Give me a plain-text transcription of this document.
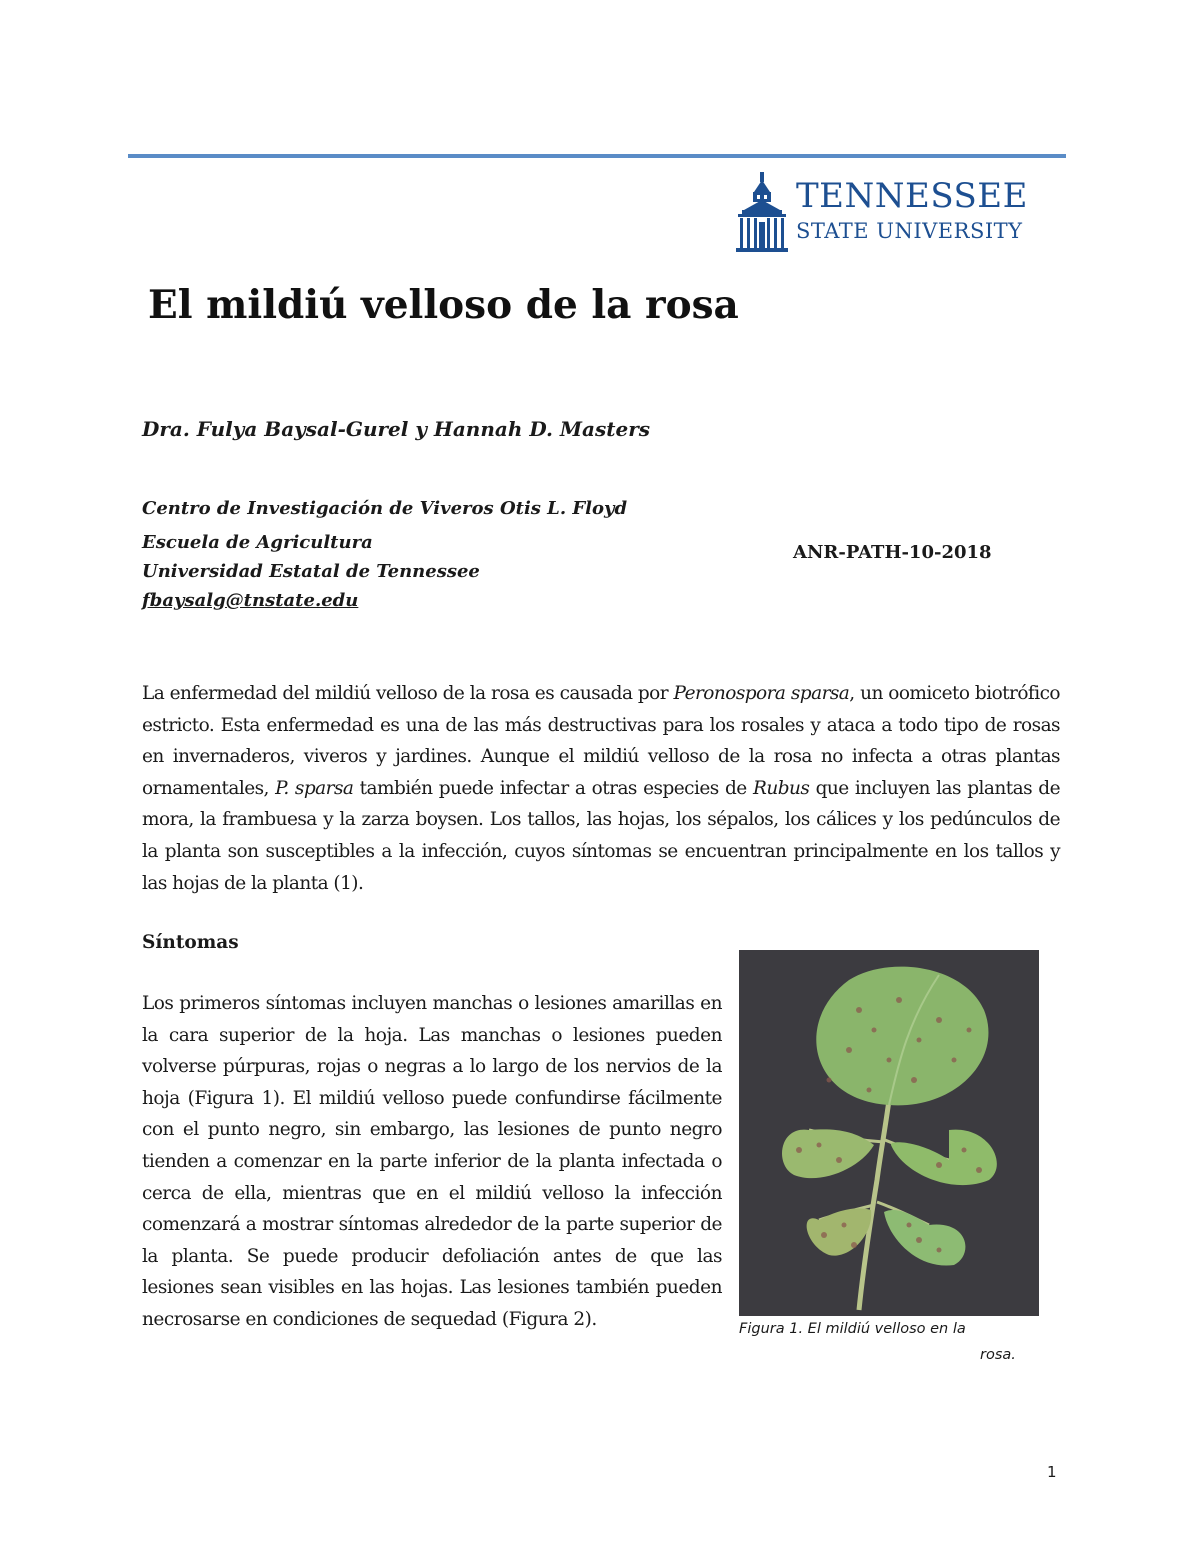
TENNESSEE
STATE UNIVERSITY
El mildiú velloso de la rosa
Dra. Fulya Baysal-Gurel y Hannah D. Masters
Centro de Investigación de Viveros Otis L. Floyd
Escuela de Agricultura
Universidad Estatal de Tennessee
fbaysalg@tnstate.edu
ANR-PATH-10-2018

La enfermedad del mildiú velloso de la rosa es causada por Peronospora sparsa, un oomiceto biotrófico estricto. Esta enfermedad es una de las más destructivas para los rosales y ataca a todo tipo de rosas en invernaderos, viveros y jardines. Aunque el mildiú velloso de la rosa no infecta a otras plantas ornamentales, P. sparsa también puede infectar a otras especies de Rubus que incluyen las plantas de mora, la frambuesa y la zarza boysen. Los tallos, las hojas, los sépalos, los cálices y los pedúnculos de la planta son susceptibles a la infección, cuyos síntomas se encuentran principalmente en los tallos y las hojas de la planta (1).

Síntomas

Los primeros síntomas incluyen manchas o lesiones amarillas en la cara superior de la hoja. Las manchas o lesiones pueden volverse púrpuras, rojas o negras a lo largo de los nervios de la hoja (Figura 1). El mildiú velloso puede confundirse fácilmente con el punto negro, sin embargo, las lesiones de punto negro tienden a comenzar en la parte inferior de la planta infectada o cerca de ella, mientras que en el mildiú velloso la infección comenzará a mostrar síntomas alrededor de la parte superior de la planta. Se puede producir defoliación antes de que las lesiones sean visibles en las hojas. Las lesiones también pueden necrosarse en condiciones de sequedad (Figura 2).	Figura 1. El mildiú velloso en la
rosa.
1
